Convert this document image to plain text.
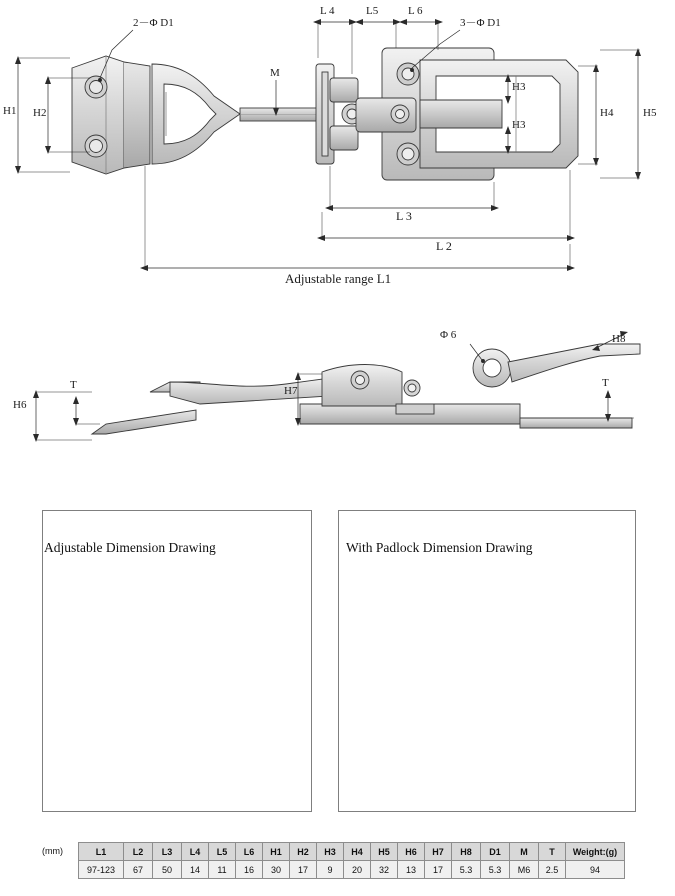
2－Φ D1	3－Φ D1
M
H1 H2
H3
H3
H4	H5
L 4	L5	L 6
L 3
L 2
Adjustable range L1
H6
T	H7
Φ 6	H8
T
Adjustable Dimension Drawing	With Padlock Dimension Drawing
(mm)	L1	L2	L3	L4	L5	L6	H1	H2	H3	H4	H5	H6	H7	H8	D1	M	T	Weight:(g)
97-123	67	50	14	11	16	30	17	9	20	32	13	17	5.3	5.3	M6	2.5	94
